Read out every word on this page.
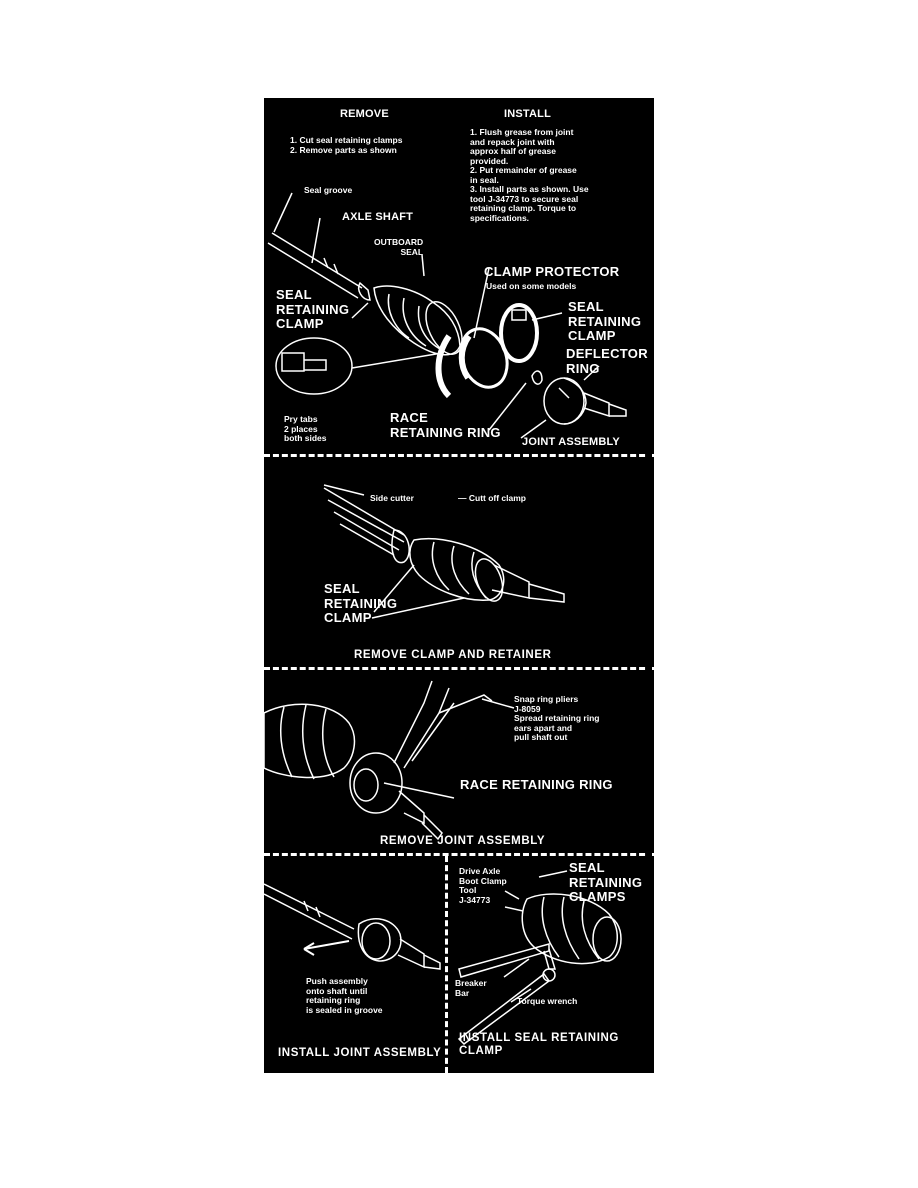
REMOVE	INSTALL
1. Cut seal retaining clamps
2. Remove parts as shown
1. Flush grease from joint
and repack joint with
approx half of grease
provided.
2. Put remainder of grease
in seal.
3. Install parts as shown. Use
tool J-34773 to secure seal
retaining clamp. Torque to
specifications.
Seal groove
AXLE SHAFT
OUTBOARD
SEAL
SEAL
RETAINING
CLAMP
CLAMP PROTECTOR
Used on some models
SEAL
RETAINING
CLAMP
DEFLECTOR
RING
Pry tabs
2 places
both sides
RACE
RETAINING RING
JOINT ASSEMBLY
Side cutter	— Cutt off clamp
SEAL
RETAINING
CLAMP
REMOVE CLAMP AND RETAINER
Snap ring pliers
J-8059
Spread retaining ring
ears apart and
pull shaft out
RACE RETAINING RING
REMOVE JOINT ASSEMBLY
Push assembly
onto shaft until
retaining ring
is sealed in groove
INSTALL JOINT ASSEMBLY
Drive Axle
Boot Clamp
Tool
J-34773
SEAL
RETAINING
CLAMPS
Breaker
Bar
Torque wrench
INSTALL SEAL RETAINING
CLAMP
